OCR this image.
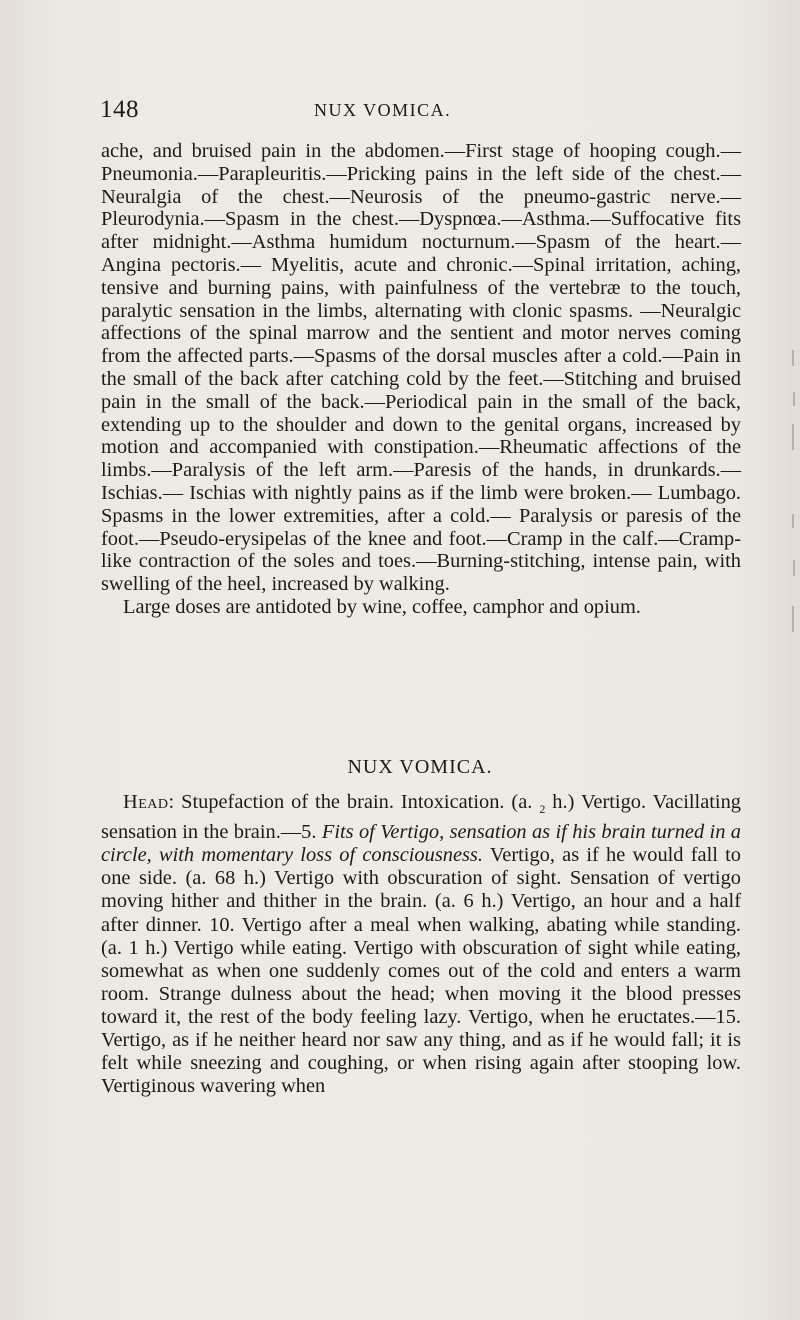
148	NUX VOMICA.

ache, and bruised pain in the abdomen.—First stage of hooping cough.—Pneumonia.—Parapleuritis.—Pricking pains in the left side of the chest.—Neuralgia of the chest.—Neurosis of the pneumo-gastric nerve.—Pleurodynia.—Spasm in the chest.—Dyspnœa.—Asthma.—Suffocative fits after midnight.—Asthma humidum nocturnum.—Spasm of the heart.—Angina pectoris.— Myelitis, acute and chronic.—Spinal irritation, aching, tensive and burning pains, with painfulness of the vertebræ to the touch, paralytic sensation in the limbs, alternating with clonic spasms. —Neuralgic affections of the spinal marrow and the sentient and motor nerves coming from the affected parts.—Spasms of the dorsal muscles after a cold.—Pain in the small of the back after catching cold by the feet.—Stitching and bruised pain in the small of the back.—Periodical pain in the small of the back, extending up to the shoulder and down to the genital organs, increased by motion and accompanied with constipation.—Rheumatic affections of the limbs.—Paralysis of the left arm.—Paresis of the hands, in drunkards.—Ischias.— Ischias with nightly pains as if the limb were broken.— Lumbago. Spasms in the lower extremities, after a cold.— Paralysis or paresis of the foot.—Pseudo-erysipelas of the knee and foot.—Cramp in the calf.—Cramp-like contraction of the soles and toes.—Burning-stitching, intense pain, with swelling of the heel, increased by walking.

Large doses are antidoted by wine, coffee, camphor and opium.

NUX VOMICA.

Head: Stupefaction of the brain. Intoxication. (a. $_2$ h.) Vertigo. Vacillating sensation in the brain.—5. Fits of Vertigo, sensation as if his brain turned in a circle, with momentary loss of consciousness. Vertigo, as if he would fall to one side. (a. 68 h.) Vertigo with obscuration of sight. Sensation of vertigo moving hither and thither in the brain. (a. 6 h.) Vertigo, an hour and a half after dinner. 10. Vertigo after a meal when walking, abating while standing. (a. 1 h.) Vertigo while eating. Vertigo with obscuration of sight while eating, somewhat as when one suddenly comes out of the cold and enters a warm room. Strange dulness about the head; when moving it the blood presses toward it, the rest of the body feeling lazy. Vertigo, when he eructates.—15. Vertigo, as if he neither heard nor saw any thing, and as if he would fall; it is felt while sneezing and coughing, or when rising again after stooping low. Vertiginous wavering when
